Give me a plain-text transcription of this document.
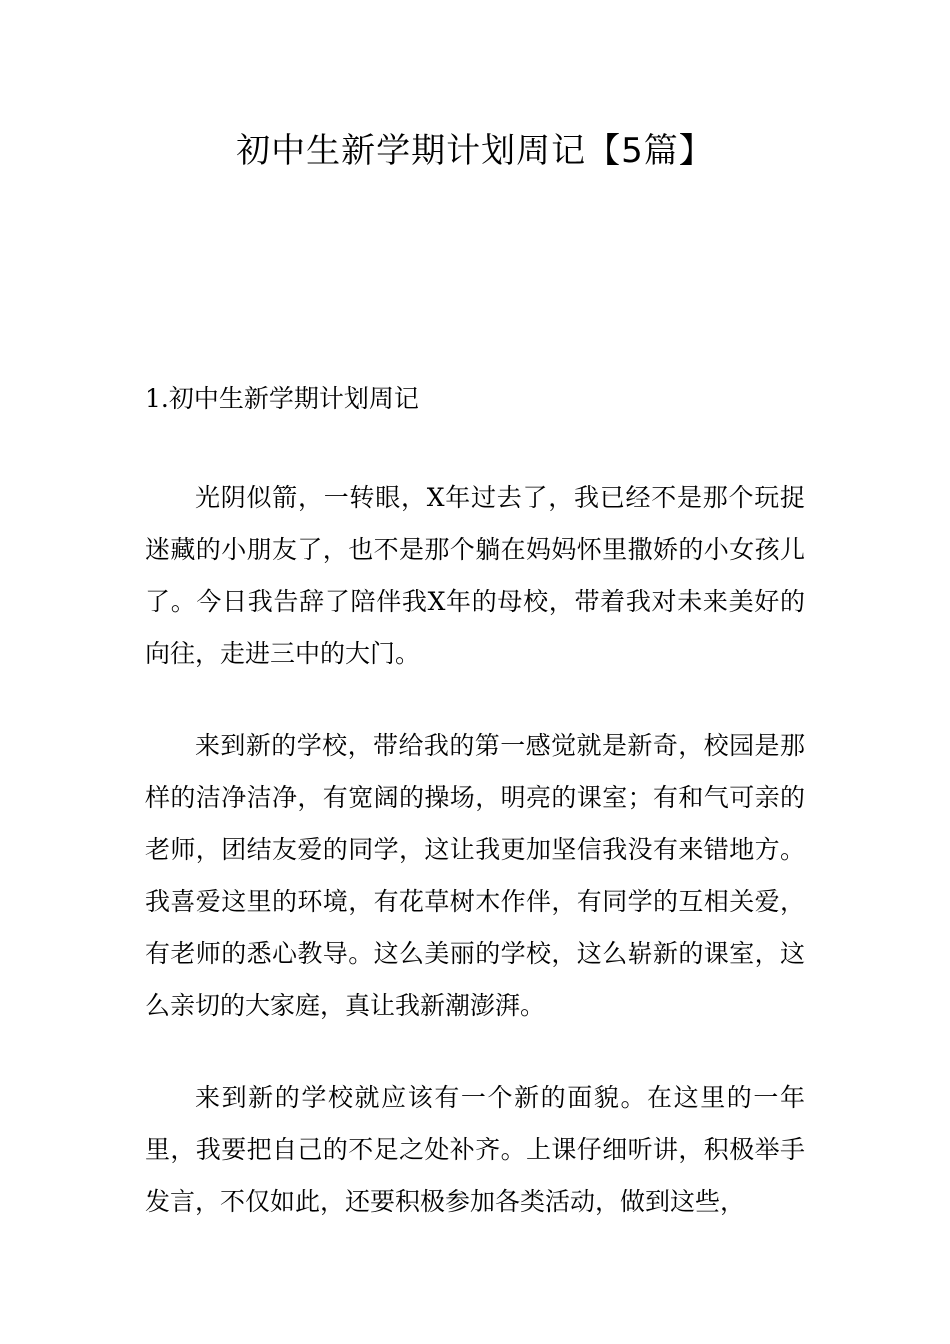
初中生新学期计划周记【5篇】
1.初中生新学期计划周记

光阴似箭，一转眼，X年过去了，我已经不是那个玩捉迷藏的小朋友了，也不是那个躺在妈妈怀里撒娇的小女孩儿了。今日我告辞了陪伴我X年的母校，带着我对未来美好的向往，走进三中的大门。

来到新的学校，带给我的第一感觉就是新奇，校园是那样的洁净洁净，有宽阔的操场，明亮的课室；有和气可亲的老师，团结友爱的同学，这让我更加坚信我没有来错地方。我喜爱这里的环境，有花草树木作伴，有同学的互相关爱，有老师的悉心教导。这么美丽的学校，这么崭新的课室，这么亲切的大家庭，真让我新潮澎湃。

来到新的学校就应该有一个新的面貌。在这里的一年里，我要把自己的不足之处补齐。上课仔细听讲，积极举手发言，不仅如此，还要积极参加各类活动，做到这些，
